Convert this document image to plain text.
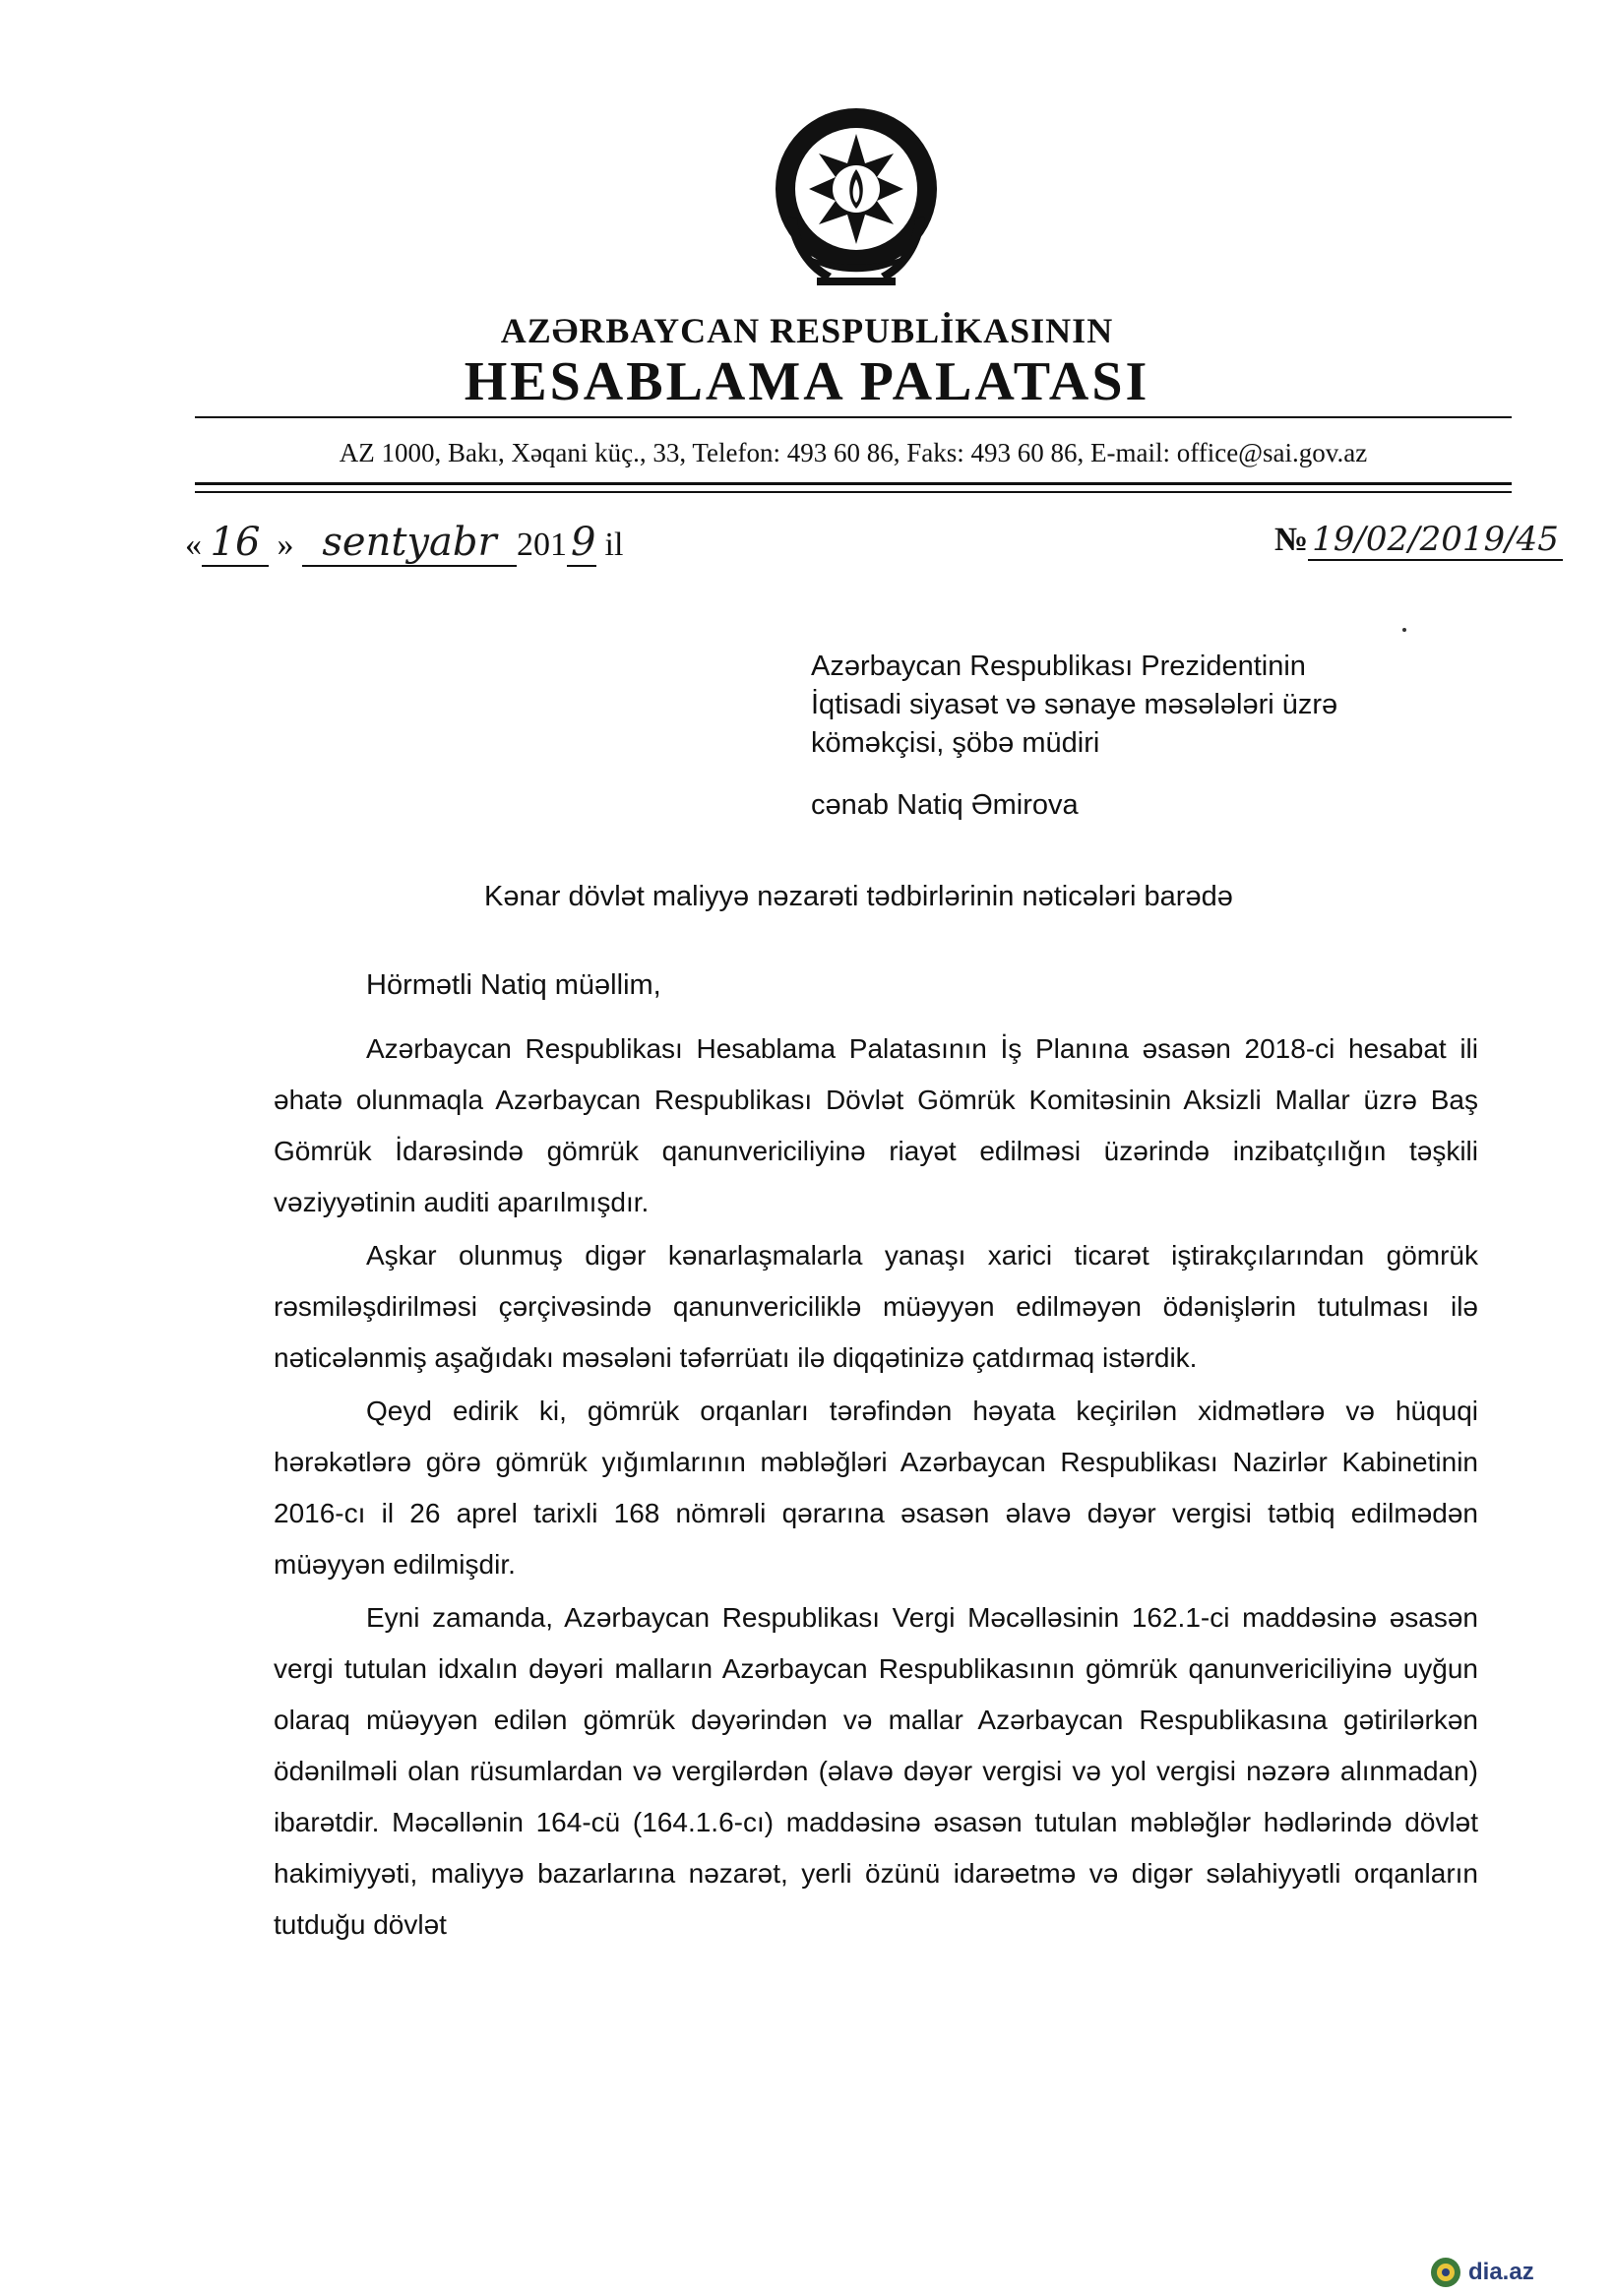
AZƏRBAYCAN RESPUBLİKASININ
HESABLAMA PALATASI
AZ 1000, Bakı, Xəqani küç., 33, Telefon: 493 60 86, Faks: 493 60 86, E-mail: office@sai.gov.az
« 16 » sentyabr 201 9 il	№ 19/02/2019/45
Azərbaycan Respublikası Prezidentinin
İqtisadi siyasət və sənaye məsələləri üzrə
köməkçisi, şöbə müdiri
cənab Natiq Əmirova
Kənar dövlət maliyyə nəzarəti tədbirlərinin nəticələri barədə
Hörmətli Natiq müəllim,

Azərbaycan Respublikası Hesablama Palatasının İş Planına əsasən 2018-ci hesabat ili əhatə olunmaqla Azərbaycan Respublikası Dövlət Gömrük Komitəsinin Aksizli Mallar üzrə Baş Gömrük İdarəsində gömrük qanunvericiliyinə riayət edilməsi üzərində inzibatçılığın təşkili vəziyyətinin auditi aparılmışdır.

Aşkar olunmuş digər kənarlaşmalarla yanaşı xarici ticarət iştirakçılarından gömrük rəsmiləşdirilməsi çərçivəsində qanunvericiliklə müəyyən edilməyən ödənişlərin tutulması ilə nəticələnmiş aşağıdakı məsələni təfərrüatı ilə diqqətinizə çatdırmaq istərdik.

Qeyd edirik ki, gömrük orqanları tərəfindən həyata keçirilən xidmətlərə və hüquqi hərəkətlərə görə gömrük yığımlarının məbləğləri Azərbaycan Respublikası Nazirlər Kabinetinin 2016-cı il 26 aprel tarixli 168 nömrəli qərarına əsasən əlavə dəyər vergisi tətbiq edilmədən müəyyən edilmişdir.

Eyni zamanda, Azərbaycan Respublikası Vergi Məcəlləsinin 162.1-ci maddəsinə əsasən vergi tutulan idxalın dəyəri malların Azərbaycan Respublikasının gömrük qanunvericiliyinə uyğun olaraq müəyyən edilən gömrük dəyərindən və mallar Azərbaycan Respublikasına gətirilərkən ödənilməli olan rüsumlardan və vergilərdən (əlavə dəyər vergisi və yol vergisi nəzərə alınmadan) ibarətdir. Məcəllənin 164-cü (164.1.6-cı) maddəsinə əsasən tutulan məbləğlər hədlərində dövlət hakimiyyəti, maliyyə bazarlarına nəzarət, yerli özünü idarəetmə və digər səlahiyyətli orqanların tutduğu dövlət

dia.az
